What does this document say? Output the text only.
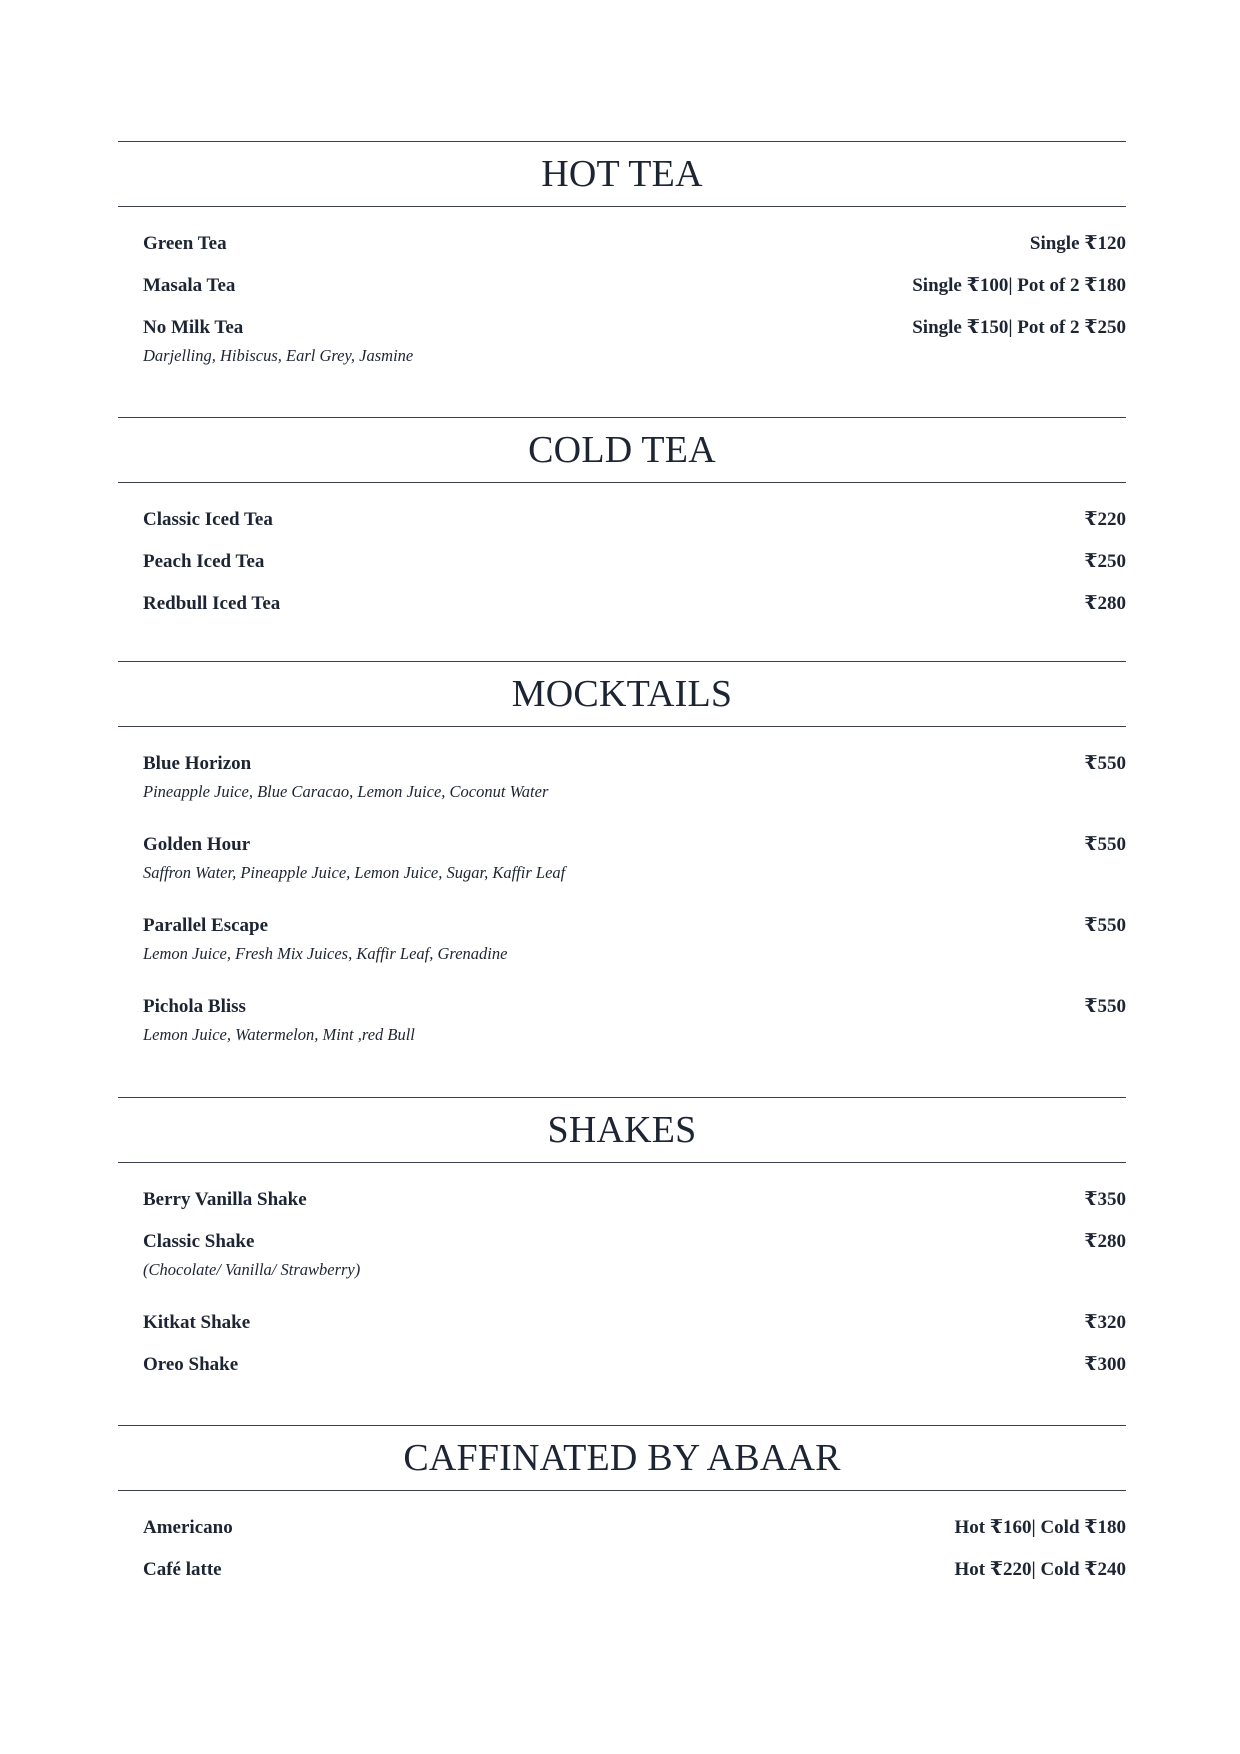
HOT TEA
Green Tea	Single ₹120
Masala Tea	Single ₹100| Pot of 2 ₹180
No Milk Tea	Single ₹150| Pot of 2 ₹250
Darjelling, Hibiscus, Earl Grey, Jasmine
COLD TEA
Classic Iced Tea	₹220
Peach Iced Tea	₹250
Redbull Iced Tea	₹280
MOCKTAILS
Blue Horizon	₹550
Pineapple Juice, Blue Caracao, Lemon Juice, Coconut Water
Golden Hour	₹550
Saffron Water, Pineapple Juice, Lemon Juice, Sugar, Kaffir Leaf
Parallel Escape	₹550
Lemon Juice, Fresh Mix Juices, Kaffir Leaf, Grenadine
Pichola Bliss	₹550
Lemon Juice, Watermelon, Mint ,red Bull
SHAKES
Berry Vanilla Shake	₹350
Classic Shake	₹280
(Chocolate/ Vanilla/ Strawberry)
Kitkat Shake	₹320
Oreo Shake	₹300
CAFFINATED BY ABAAR
Americano	Hot ₹160| Cold ₹180
Café latte	Hot ₹220| Cold ₹240
